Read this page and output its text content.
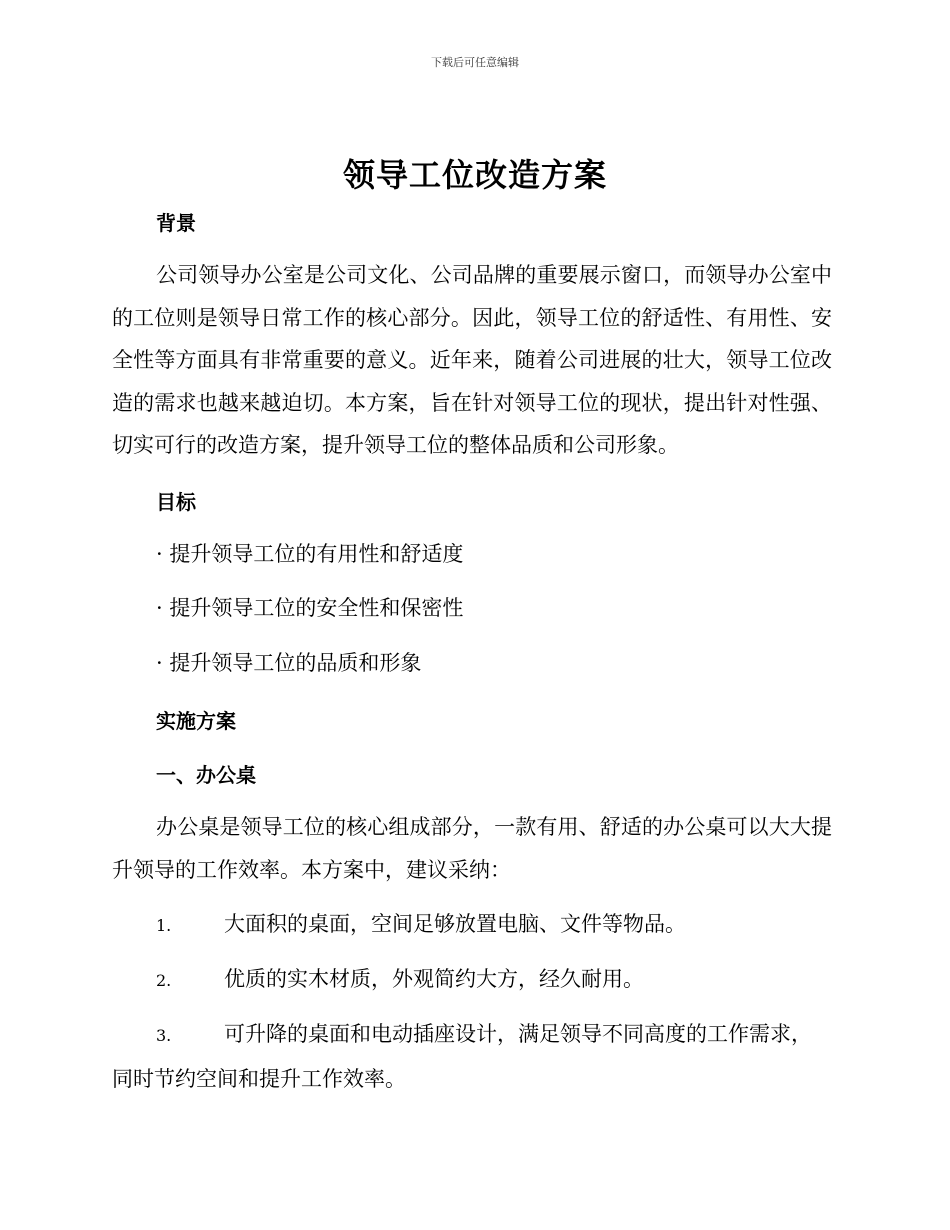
下载后可任意编辑
领导工位改造方案
背景
公司领导办公室是公司文化、公司品牌的重要展示窗口，而领导办公室中的工位则是领导日常工作的核心部分。因此，领导工位的舒适性、有用性、安全性等方面具有非常重要的意义。近年来，随着公司进展的壮大，领导工位改造的需求也越来越迫切。本方案，旨在针对领导工位的现状，提出针对性强、切实可行的改造方案，提升领导工位的整体品质和公司形象。
目标
· 提升领导工位的有用性和舒适度
· 提升领导工位的安全性和保密性
· 提升领导工位的品质和形象
实施方案
一、办公桌
办公桌是领导工位的核心组成部分，一款有用、舒适的办公桌可以大大提升领导的工作效率。本方案中，建议采纳：
1.	大面积的桌面，空间足够放置电脑、文件等物品。
2.	优质的实木材质，外观简约大方，经久耐用。
3.	可升降的桌面和电动插座设计，满足领导不同高度的工作需求，同时节约空间和提升工作效率。
